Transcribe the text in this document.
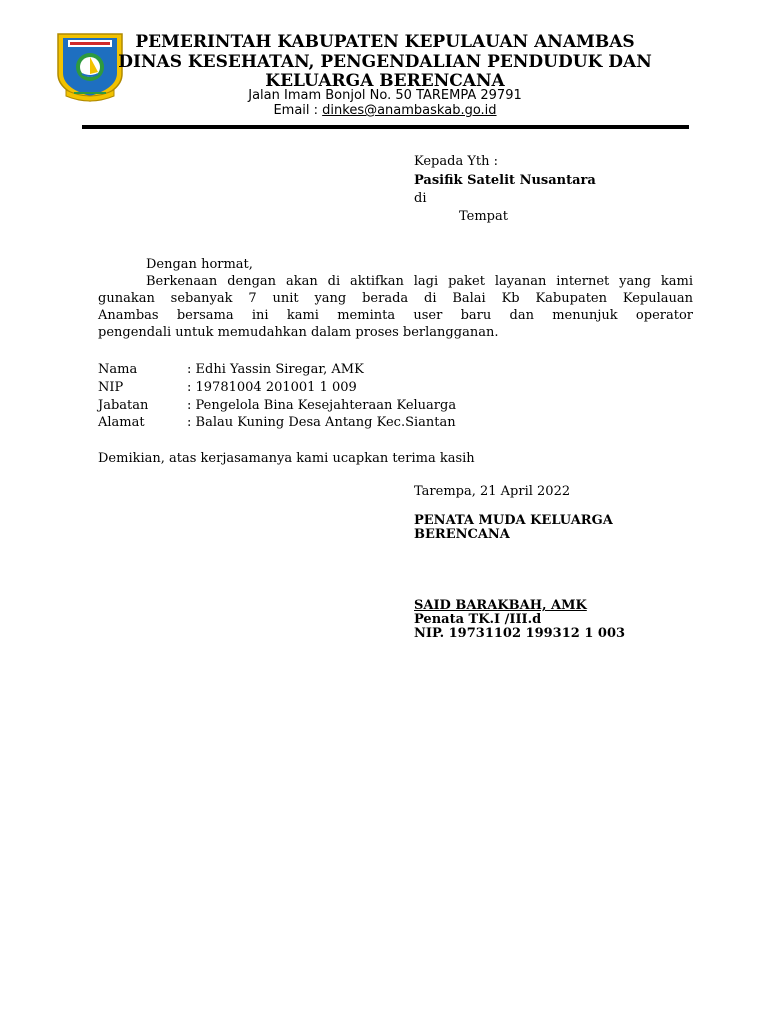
PEMERINTAH KABUPATEN KEPULAUAN ANAMBAS
DINAS KESEHATAN, PENGENDALIAN PENDUDUK DAN
KELUARGA BERENCANA
Jalan Imam Bonjol No. 50 TAREMPA 29791
Email : dinkes@anambaskab.go.id
Kepada Yth :
Pasifik Satelit Nusantara
di
Tempat
Dengan hormat,
Berkenaan dengan akan di aktifkan lagi paket layanan internet yang kami
gunakan sebanyak 7 unit yang berada di Balai Kb Kabupaten Kepulauan
Anambas bersama ini kami meminta user baru dan menunjuk operator
pengendali untuk memudahkan dalam proses berlangganan.
Nama	: Edhi Yassin Siregar, AMK
NIP	: 19781004 201001 1 009
Jabatan	: Pengelola Bina Kesejahteraan Keluarga
Alamat	: Balau Kuning Desa Antang Kec.Siantan
Demikian, atas kerjasamanya kami ucapkan terima kasih
Tarempa, 21 April 2022
PENATA MUDA KELUARGA
BERENCANA
SAID BARAKBAH, AMK
Penata TK.I /III.d
NIP. 19731102 199312 1 003
